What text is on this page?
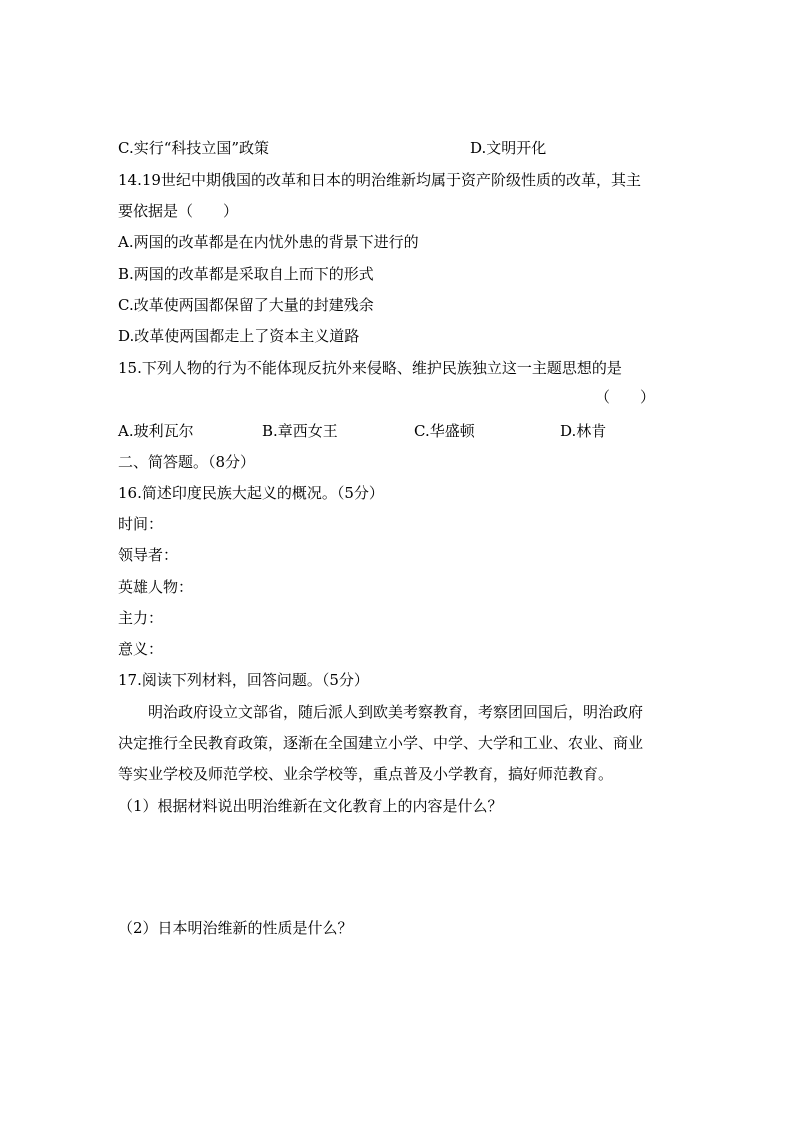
C.实行“科技立国”政策	D.文明开化
14.19世纪中期俄国的改革和日本的明治维新均属于资产阶级性质的改革，其主
要依据是（　　）
A.两国的改革都是在内忧外患的背景下进行的
B.两国的改革都是采取自上而下的形式
C.改革使两国都保留了大量的封建残余
D.改革使两国都走上了资本主义道路
15.下列人物的行为不能体现反抗外来侵略、维护民族独立这一主题思想的是
（　　）
A.玻利瓦尔	B.章西女王	C.华盛顿	D.林肯
二、简答题。（8分）
16.简述印度民族大起义的概况。（5分）
时间：
领导者：
英雄人物：
主力：
意义：
17.阅读下列材料，回答问题。（5分）
明治政府设立文部省，随后派人到欧美考察教育，考察团回国后，明治政府
决定推行全民教育政策，逐渐在全国建立小学、中学、大学和工业、农业、商业
等实业学校及师范学校、业余学校等，重点普及小学教育，搞好师范教育。
（1）根据材料说出明治维新在文化教育上的内容是什么？
（2）日本明治维新的性质是什么？
